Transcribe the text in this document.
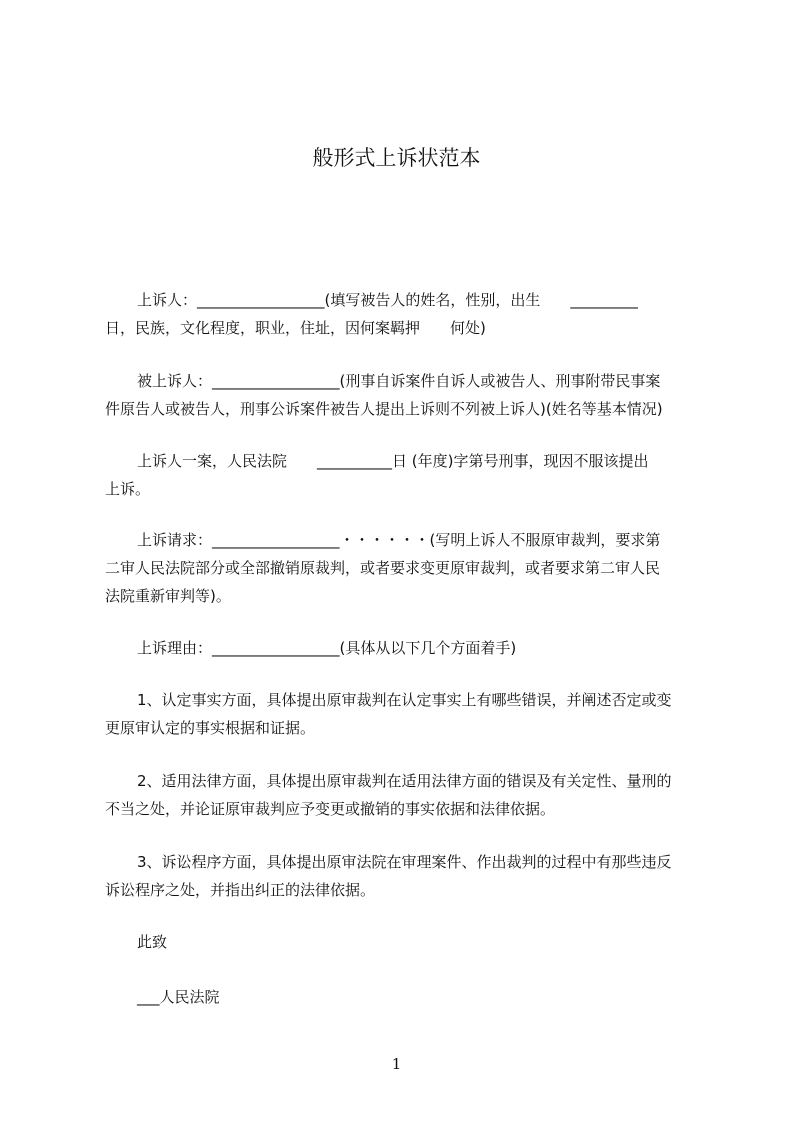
般形式上诉状范本
上诉人：_________________(填写被告人的姓名，性别，出生　　_________
日，民族，文化程度，职业，住址，因何案羁押　　何处)
被上诉人：_________________(刑事自诉案件自诉人或被告人、刑事附带民事案
件原告人或被告人，刑事公诉案件被告人提出上诉则不列被上诉人)(姓名等基本情况)
上诉人一案，人民法院　　__________日 (年度)字第号刑事，现因不服该提出
上诉。
上诉请求：_________________・・・・・・(写明上诉人不服原审裁判，要求第
二审人民法院部分或全部撤销原裁判，或者要求变更原审裁判，或者要求第二审人民
法院重新审判等)。
上诉理由：_________________(具体从以下几个方面着手)
1、认定事实方面，具体提出原审裁判在认定事实上有哪些错误，并阐述否定或变
更原审认定的事实根据和证据。
2、适用法律方面，具体提出原审裁判在适用法律方面的错误及有关定性、量刑的
不当之处，并论证原审裁判应予变更或撤销的事实依据和法律依据。
3、诉讼程序方面，具体提出原审法院在审理案件、作出裁判的过程中有那些违反
诉讼程序之处，并指出纠正的法律依据。
此致
___人民法院
1
